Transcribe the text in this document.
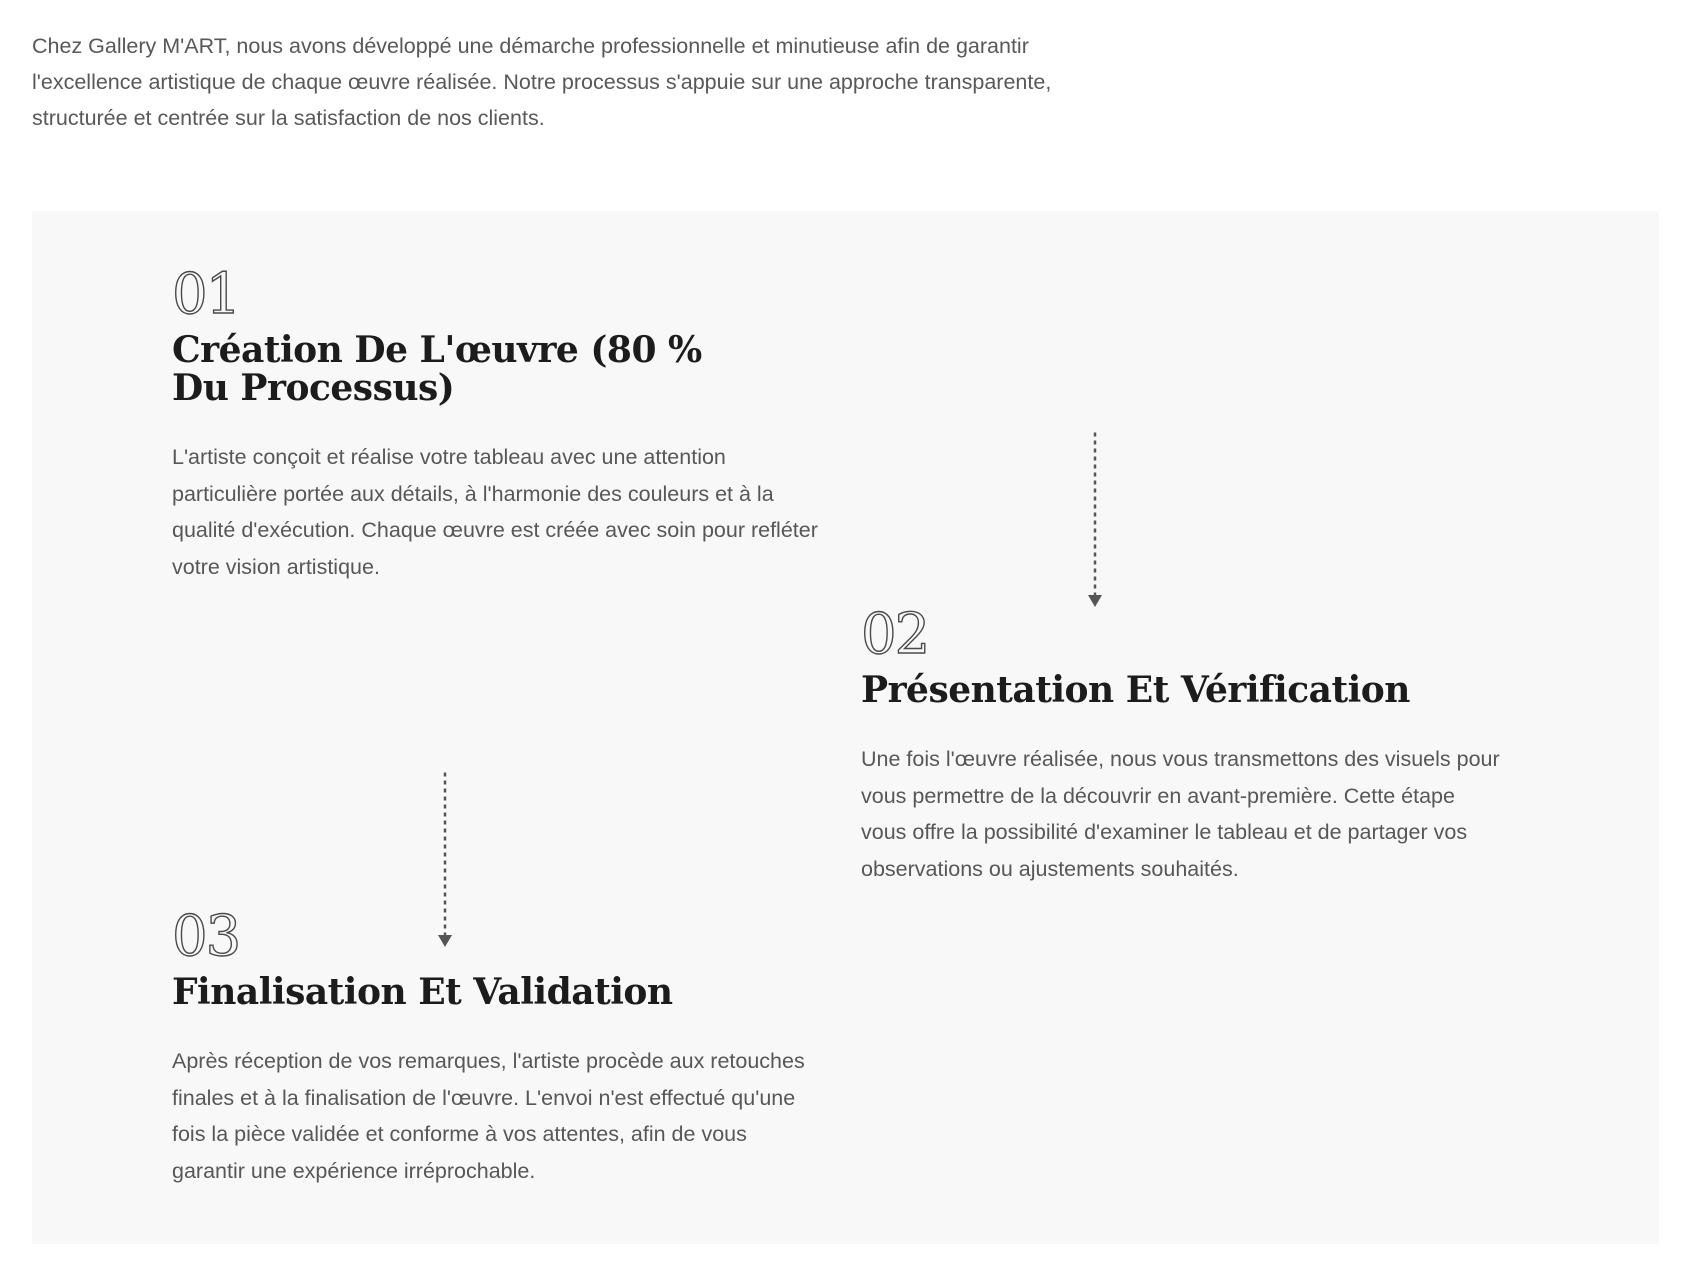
Chez Gallery M'ART, nous avons développé une démarche professionnelle et minutieuse afin de garantir l'excellence artistique de chaque œuvre réalisée. Notre processus s'appuie sur une approche transparente, structurée et centrée sur la satisfaction de nos clients.

01
Création De L'œuvre (80 % Du Processus)

L'artiste conçoit et réalise votre tableau avec une attention particulière portée aux détails, à l'harmonie des couleurs et à la qualité d'exécution. Chaque œuvre est créée avec soin pour refléter votre vision artistique.

02
Présentation Et Vérification

Une fois l'œuvre réalisée, nous vous transmettons des visuels pour vous permettre de la découvrir en avant-première. Cette étape vous offre la possibilité d'examiner le tableau et de partager vos observations ou ajustements souhaités.

03
Finalisation Et Validation

Après réception de vos remarques, l'artiste procède aux retouches finales et à la finalisation de l'œuvre. L'envoi n'est effectué qu'une fois la pièce validée et conforme à vos attentes, afin de vous garantir une expérience irréprochable.
